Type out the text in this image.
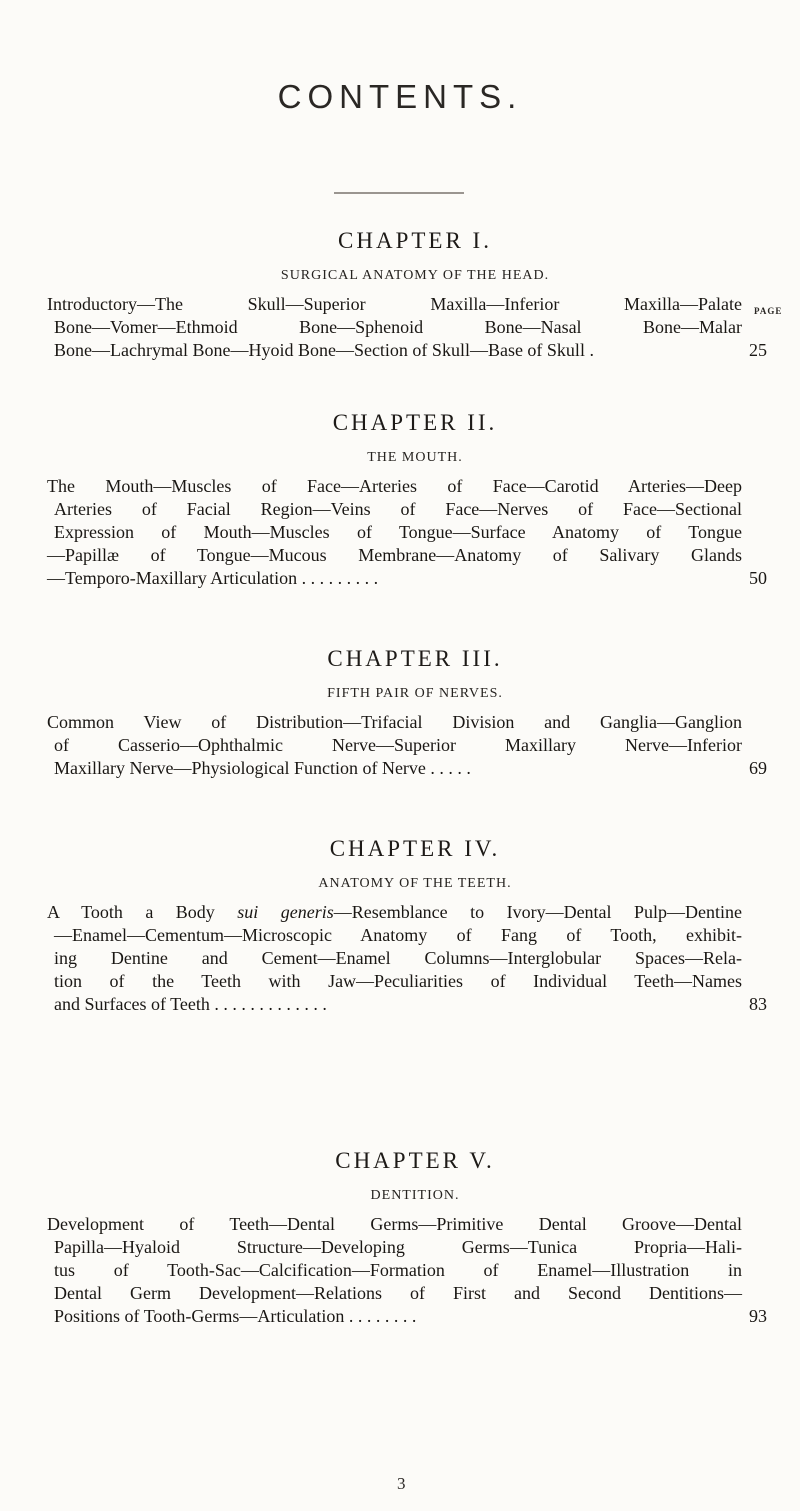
CONTENTS.
CHAPTER I.
SURGICAL ANATOMY OF THE HEAD.
PAGE
Introductory—The Skull—Superior Maxilla—Inferior Maxilla—Palate
Bone—Vomer—Ethmoid Bone—Sphenoid Bone—Nasal Bone—Malar
Bone—Lachrymal Bone—Hyoid Bone—Section of Skull—Base of Skull .	25
CHAPTER II.
THE MOUTH.
The Mouth—Muscles of Face—Arteries of Face—Carotid Arteries—Deep
Arteries of Facial Region—Veins of Face—Nerves of Face—Sectional
Expression of Mouth—Muscles of Tongue—Surface Anatomy of Tongue
—Papillæ of Tongue—Mucous Membrane—Anatomy of Salivary Glands
—Temporo-Maxillary Articulation . . . . . . . . .	50
CHAPTER III.
FIFTH PAIR OF NERVES.
Common View of Distribution—Trifacial Division and Ganglia—Ganglion
of Casserio—Ophthalmic Nerve—Superior Maxillary Nerve—Inferior
Maxillary Nerve—Physiological Function of Nerve . . . . .	69
CHAPTER IV.
ANATOMY OF THE TEETH.
A Tooth a Body sui generis—Resemblance to Ivory—Dental Pulp—Dentine
—Enamel—Cementum—Microscopic Anatomy of Fang of Tooth, exhibit-
ing Dentine and Cement—Enamel Columns—Interglobular Spaces—Rela-
tion of the Teeth with Jaw—Peculiarities of Individual Teeth—Names
and Surfaces of Teeth . . . . . . . . . . . . .	83
CHAPTER V.
DENTITION.
Development of Teeth—Dental Germs—Primitive Dental Groove—Dental
Papilla—Hyaloid Structure—Developing Germs—Tunica Propria—Hali-
tus of Tooth-Sac—Calcification—Formation of Enamel—Illustration in
Dental Germ Development—Relations of First and Second Dentitions—
Positions of Tooth-Germs—Articulation . . . . . . . .	93
3
